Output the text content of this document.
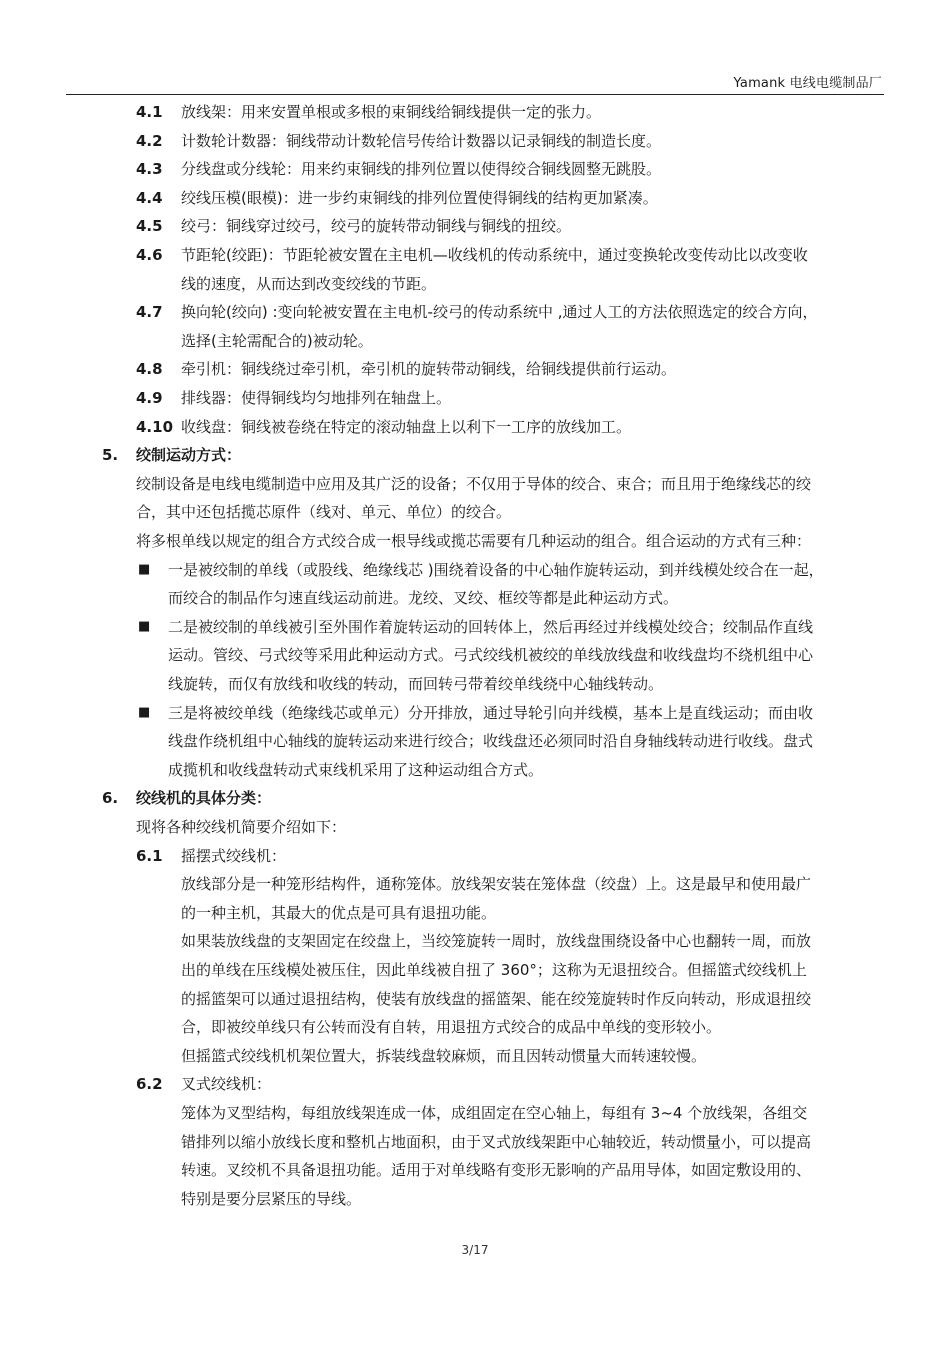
Yamank 电线电缆制品厂
4.1 放线架：用来安置单根或多根的束铜线给铜线提供一定的张力。
4.2 计数轮计数器：铜线带动计数轮信号传给计数器以记录铜线的制造长度。
4.3 分线盘或分线轮：用来约束铜线的排列位置以使得绞合铜线圆整无跳股。
4.4 绞线压模(眼模)：进一步约束铜线的排列位置使得铜线的结构更加紧凑。
4.5 绞弓：铜线穿过绞弓，绞弓的旋转带动铜线与铜线的扭绞。
4.6 节距轮(绞距)：节距轮被安置在主电机—收线机的传动系统中，通过变换轮改变传动比以改变收
线的速度，从而达到改变绞线的节距。
4.7 换向轮(绞向) :变向轮被安置在主电机-绞弓的传动系统中 ,通过人工的方法依照选定的绞合方向，
选择(主轮需配合的)被动轮。
4.8 牵引机：铜线绕过牵引机，牵引机的旋转带动铜线，给铜线提供前行运动。
4.9 排线器：使得铜线均匀地排列在轴盘上。
4.10 收线盘：铜线被卷绕在特定的滚动轴盘上以利下一工序的放线加工。
5. 绞制运动方式：
绞制设备是电线电缆制造中应用及其广泛的设备；不仅用于导体的绞合、束合；而且用于绝缘线芯的绞
合，其中还包括揽芯原件（线对、单元、单位）的绞合。
将多根单线以规定的组合方式绞合成一根导线或揽芯需要有几种运动的组合。组合运动的方式有三种：
■ 一是被绞制的单线（或股线、绝缘线芯 )围绕着设备的中心轴作旋转运动，到并线模处绞合在一起，
而绞合的制品作匀速直线运动前进。龙绞、叉绞、框绞等都是此种运动方式。
■ 二是被绞制的单线被引至外围作着旋转运动的回转体上，然后再经过并线模处绞合；绞制品作直线
运动。管绞、弓式绞等采用此种运动方式。弓式绞线机被绞的单线放线盘和收线盘均不绕机组中心
线旋转，而仅有放线和收线的转动，而回转弓带着绞单线绕中心轴线转动。
■ 三是将被绞单线（绝缘线芯或单元）分开排放，通过导轮引向并线模，基本上是直线运动；而由收
线盘作绕机组中心轴线的旋转运动来进行绞合；收线盘还必须同时沿自身轴线转动进行收线。盘式
成揽机和收线盘转动式束线机采用了这种运动组合方式。
6. 绞线机的具体分类：
现将各种绞线机简要介绍如下：
6.1 摇摆式绞线机：
放线部分是一种笼形结构件，通称笼体。放线架安装在笼体盘（绞盘）上。这是最早和使用最广
的一种主机，其最大的优点是可具有退扭功能。
如果装放线盘的支架固定在绞盘上，当绞笼旋转一周时，放线盘围绕设备中心也翻转一周，而放
出的单线在压线模处被压住，因此单线被自扭了 360°；这称为无退扭绞合。但摇篮式绞线机上
的摇篮架可以通过退扭结构，使装有放线盘的摇篮架、能在绞笼旋转时作反向转动，形成退扭绞
合，即被绞单线只有公转而没有自转，用退扭方式绞合的成品中单线的变形较小。
但摇篮式绞线机机架位置大，拆装线盘较麻烦，而且因转动惯量大而转速较慢。
6.2 叉式绞线机：
笼体为叉型结构，每组放线架连成一体，成组固定在空心轴上，每组有 3~4 个放线架，各组交
错排列以缩小放线长度和整机占地面积，由于叉式放线架距中心轴较近，转动惯量小，可以提高
转速。叉绞机不具备退扭功能。适用于对单线略有变形无影响的产品用导体，如固定敷设用的、
特别是要分层紧压的导线。
3/17
